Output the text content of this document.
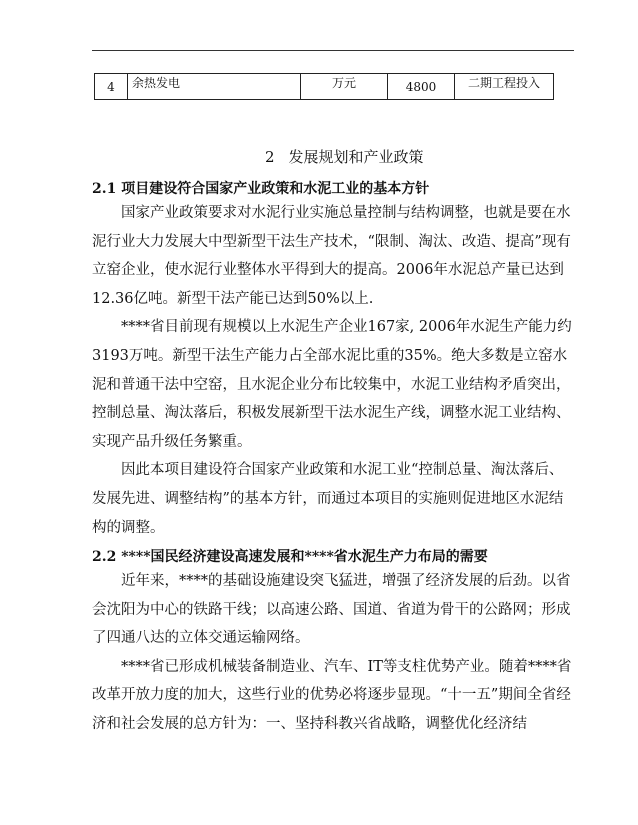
4	余热发电	万元	4800	二期工程投入
2 发展规划和产业政策
2.1 项目建设符合国家产业政策和水泥工业的基本方针

国家产业政策要求对水泥行业实施总量控制与结构调整，也就是要在水泥行业大力发展大中型新型干法生产技术，“限制、淘汰、改造、提高”现有立窑企业，使水泥行业整体水平得到大的提高。2006年水泥总产量已达到12.36亿吨。新型干法产能已达到50%以上.

****省目前现有规模以上水泥生产企业167家, 2006年水泥生产能力约3193万吨。新型干法生产能力占全部水泥比重的35%。绝大多数是立窑水泥和普通干法中空窑，且水泥企业分布比较集中，水泥工业结构矛盾突出，控制总量、淘汰落后，积极发展新型干法水泥生产线，调整水泥工业结构、实现产品升级任务繁重。

因此本项目建设符合国家产业政策和水泥工业“控制总量、淘汰落后、发展先进、调整结构”的基本方针，而通过本项目的实施则促进地区水泥结构的调整。

2.2 ****国民经济建设高速发展和****省水泥生产力布局的需要

近年来，****的基础设施建设突飞猛进，增强了经济发展的后劲。以省会沈阳为中心的铁路干线；以高速公路、国道、省道为骨干的公路网；形成了四通八达的立体交通运输网络。

****省已形成机械装备制造业、汽车、IT等支柱优势产业。随着****省改革开放力度的加大，这些行业的优势必将逐步显现。“十一五”期间全省经济和社会发展的总方针为：一、坚持科教兴省战略，调整优化经济结
